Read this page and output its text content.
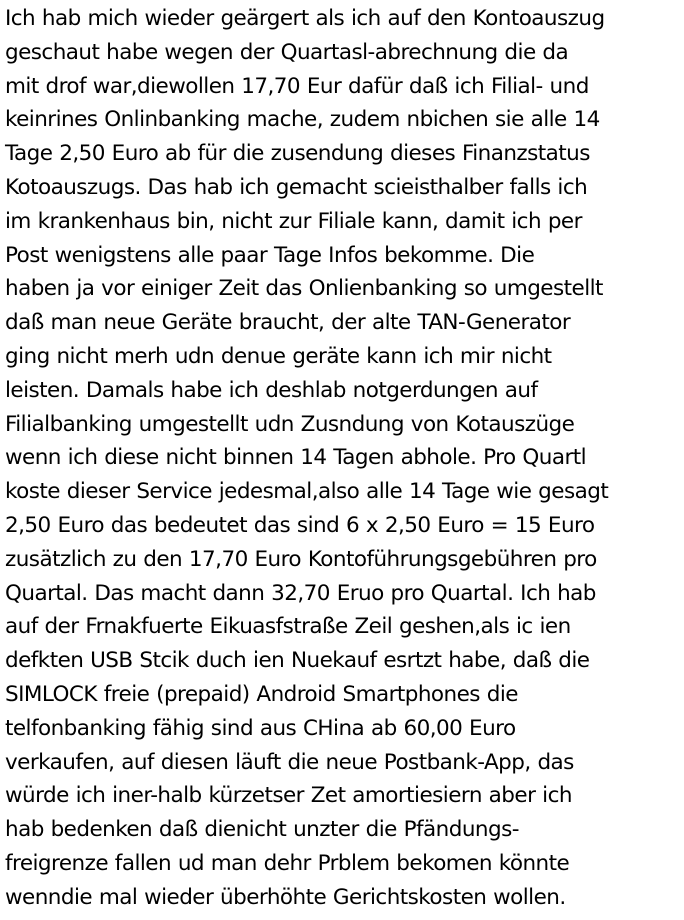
Ich hab mich wieder geärgert als ich auf den Kontoauszug
geschaut habe wegen der Quartasl-abrechnung die da
mit drof war,diewollen 17,70 Eur dafür daß ich Filial- und
keinrines Onlinbanking mache, zudem nbichen sie alle 14
Tage 2,50 Euro ab für die zusendung dieses Finanzstatus
Kotoauszugs. Das hab ich gemacht scieisthalber falls ich
im krankenhaus bin, nicht zur Filiale kann, damit ich per
Post wenigstens alle paar Tage Infos bekomme. Die
haben ja vor einiger Zeit das Onlienbanking so umgestellt
daß man neue Geräte braucht, der alte TAN-Generator
ging nicht merh udn denue geräte kann ich mir nicht
leisten. Damals habe ich deshlab notgerdungen auf
Filialbanking umgestellt udn Zusndung von Kotauszüge
wenn ich diese nicht binnen 14 Tagen abhole. Pro Quartl
koste dieser Service jedesmal,also alle 14 Tage wie gesagt
2,50 Euro das bedeutet das sind 6 x 2,50 Euro = 15 Euro
zusätzlich zu den 17,70 Euro Kontoführungsgebühren pro
Quartal. Das macht dann 32,70 Eruo pro Quartal. Ich hab
auf der Frnakfuerte Eikuasfstraße Zeil geshen,als ic ien
defkten USB Stcik duch ien Nuekauf esrtzt habe, daß die
SIMLOCK freie (prepaid) Android Smartphones die
telfonbanking fähig sind aus CHina ab 60,00 Euro
verkaufen, auf diesen läuft die neue Postbank-App, das
würde ich iner-halb kürzetser Zet amortiesiern aber ich
hab bedenken daß dienicht unzter die Pfändungs-
freigrenze fallen ud man dehr Prblem bekomen könnte
wenndie mal wieder überhöhte Gerichtskosten wollen.
